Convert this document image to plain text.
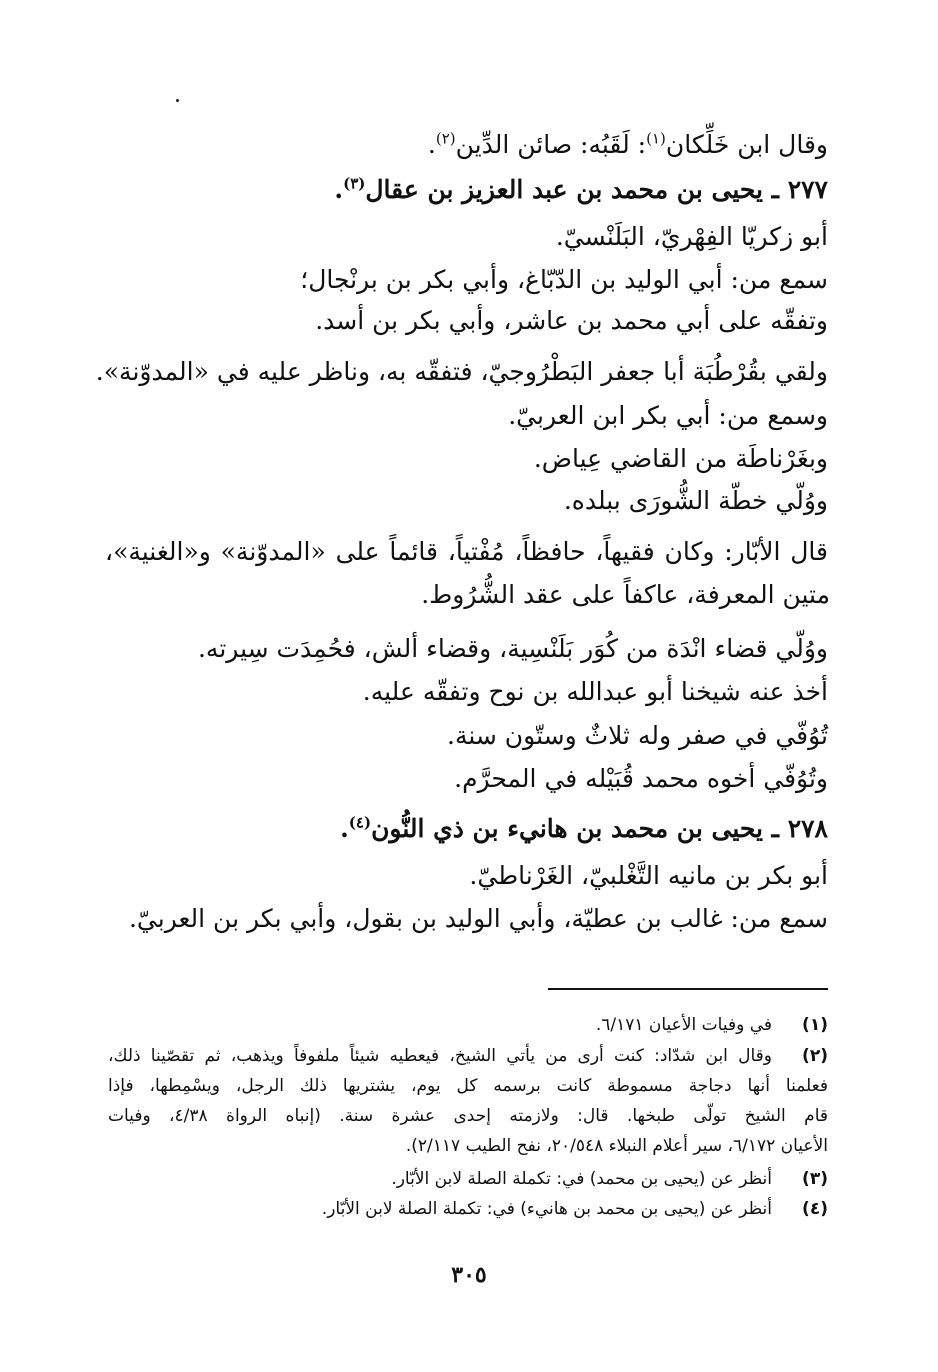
وقال ابن خَلِّكان$^{(١)}$: لَقَبُه: صائن الدِّين$^{(٢)}$.
٢٧٧ ـ يحيى بن محمد بن عبد العزيز بن عقال$^{(٣)}$.
أبو زكريّا الفِهْريّ، البَلَنْسيّ.
سمع من: أبي الوليد بن الدّبّاغ، وأبي بكر بن برنْجال؛
وتفقّه على أبي محمد بن عاشر، وأبي بكر بن أسد.
ولقي بقُرْطُبَة أبا جعفر البَطْرُوجيّ، فتفقّه به، وناظر عليه في «المدوّنة».
وسمع من: أبي بكر ابن العربيّ.
وبغَرْناطَة من القاضي عِياض.
ووُلّي خطّة الشُّورَى ببلده.
قال الأبّار: وكان فقيهاً، حافظاً، مُفْتياً، قائماً على «المدوّنة» و«الغنية»،
متين المعرفة، عاكفاً على عقد الشُّرُوط.
ووُلّي قضاء انْدَة من كُوَر بَلَنْسِية، وقضاء ألش، فحُمِدَت سِيرته.
أخذ عنه شيخنا أبو عبدالله بن نوح وتفقّه عليه.
تُوُفّي في صفر وله ثلاثٌ وستّون سنة.
وتُوُفّي أخوه محمد قُبَيْله في المحرَّم.
٢٧٨ ـ يحيى بن محمد بن هانيء بن ذي النُّون$^{(٤)}$.
أبو بكر بن مانيه التَّغْلبيّ، الغَرْناطيّ.
سمع من: غالب بن عطيّة، وأبي الوليد بن بقول، وأبي بكر بن العربيّ.
(١)
في وفيات الأعيان ٦/١٧١.
(٢)
وقال ابن شدّاد: كنت أرى من يأتي الشيخ، فيعطيه شيئاً ملفوفاً ويذهب، ثم تقصّينا ذلك،
فعلمنا أنها دجاجة مسموطة كانت برسمه كل يوم، يشتريها ذلك الرجل، ويسْمِطها، فإذا
قام الشيخ تولّى طبخها. قال: ولازمته إحدى عشرة سنة. (إنباه الرواة ٤/٣٨، وفيات
الأعيان ٦/١٧٢، سير أعلام النبلاء ٢٠/٥٤٨، نفح الطيب ٢/١١٧).
(٣)
أنظر عن (يحيى بن محمد) في: تكملة الصلة لابن الأبّار.
(٤)
أنظر عن (يحيى بن محمد بن هانيء) في: تكملة الصلة لابن الأبّار.
٣٠٥
